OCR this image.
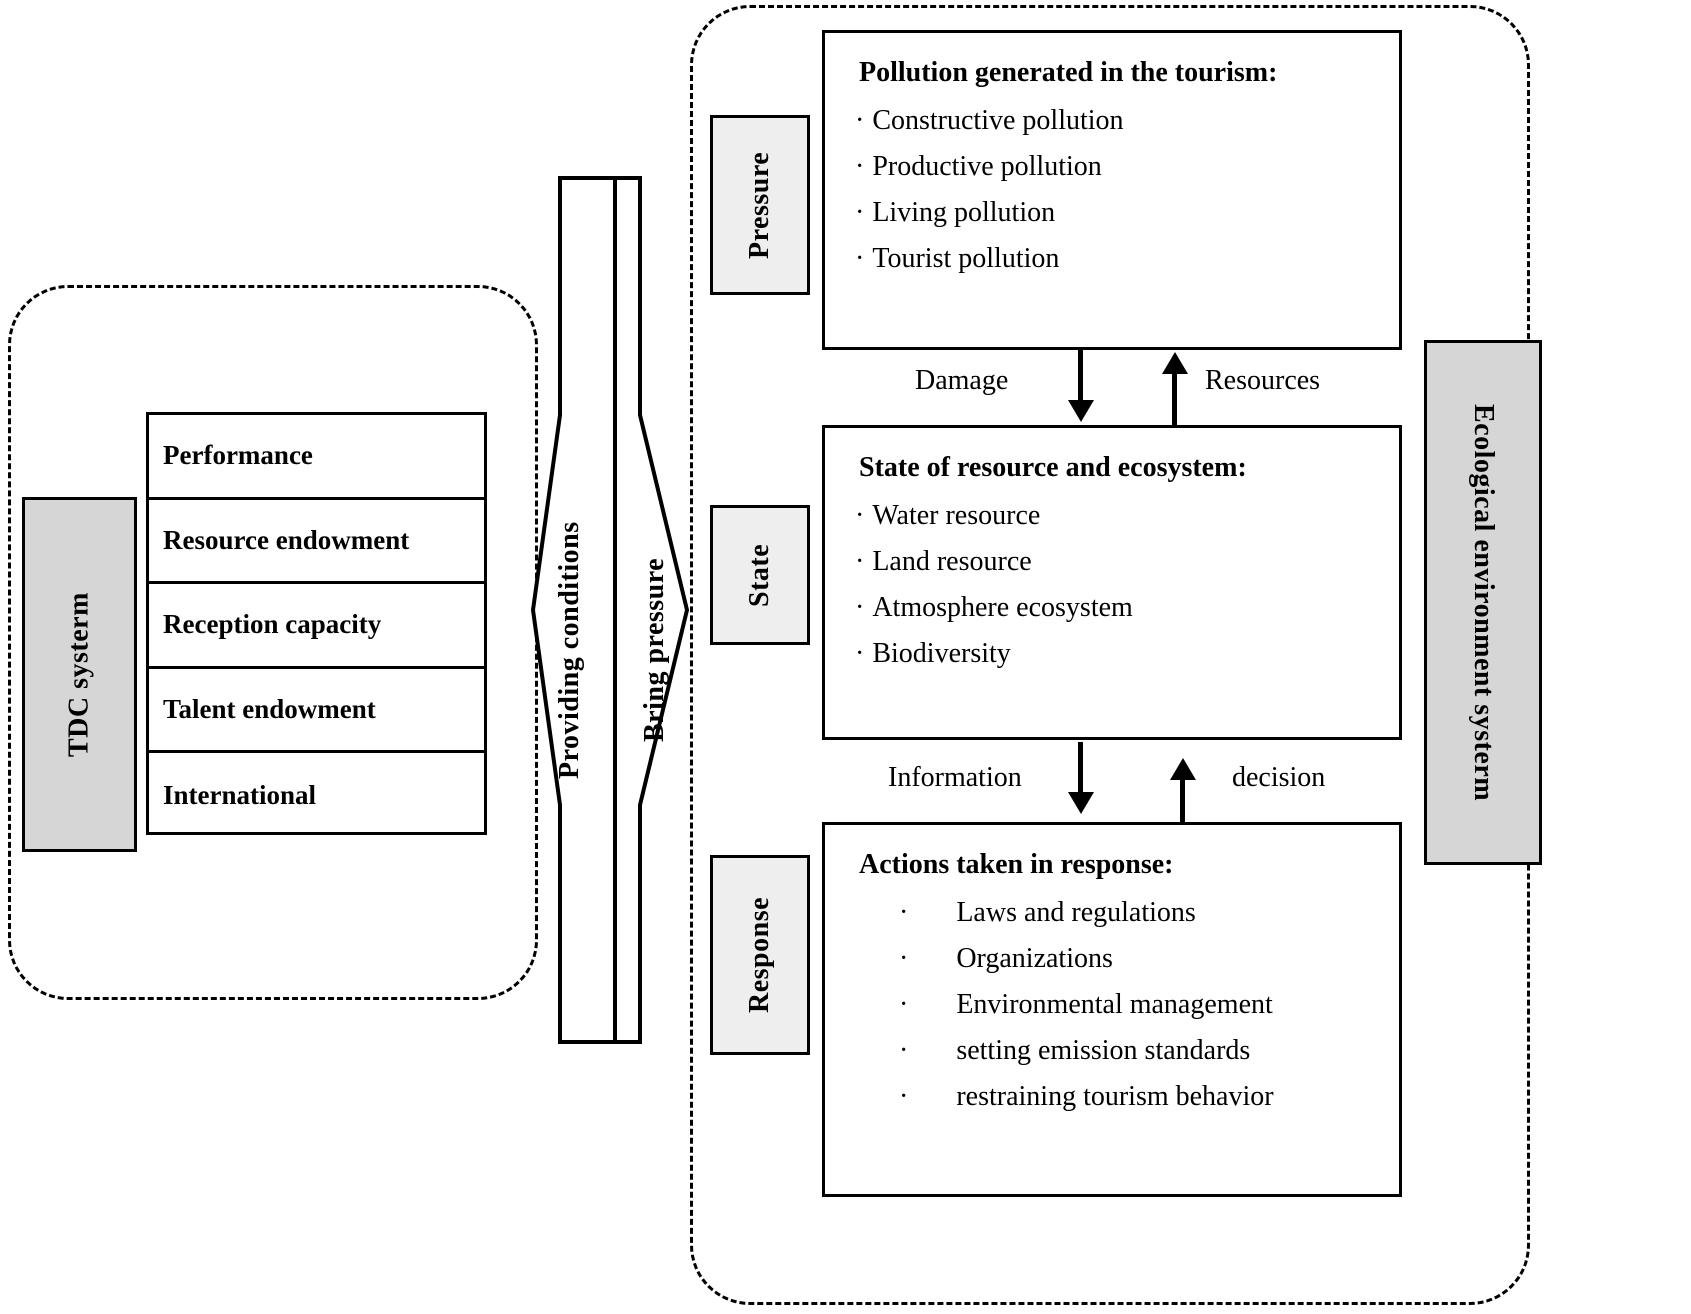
TDC systerm
Performance
Resource endowment
Reception capacity
Talent endowment
International
Providing conditions	Bring pressure	Ecological environment systerm
Pressure
State
Response
Pollution generated in the tourism:
· Constructive pollution
· Productive pollution
· Living pollution
· Tourist pollution
Damage	Resources
State of resource and ecosystem:
· Water resource
· Land resource
· Atmosphere ecosystem
· Biodiversity
Information	decision
Actions taken in response:
· Laws and regulations
· Organizations
· Environmental management
· setting emission standards
· restraining tourism behavior
